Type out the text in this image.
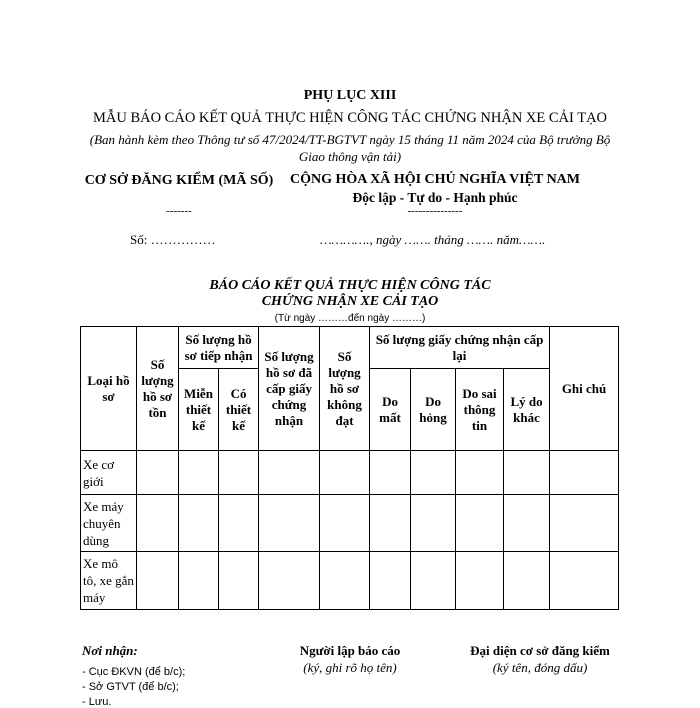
PHỤ LỤC XIII
MẪU BÁO CÁO KẾT QUẢ THỰC HIỆN CÔNG TÁC CHỨNG NHẬN XE CẢI TẠO
(Ban hành kèm theo Thông tư số 47/2024/TT-BGTVT ngày 15 tháng 11 năm 2024 của Bộ trưởng Bộ Giao thông vận tải)
CƠ SỞ ĐĂNG KIỂM (MÃ SỐ)
-------
CỘNG HÒA XÃ HỘI CHỦ NGHĨA VIỆT NAM
Độc lập - Tự do - Hạnh phúc
---------------
Số: ……………	…………., ngày ……. tháng ……. năm…….
BÁO CÁO KẾT QUẢ THỰC HIỆN CÔNG TÁC
CHỨNG NHẬN XE CẢI TẠO
(Từ ngày ………đến ngày ………)
Loại hồ sơ	Số lượng hồ sơ tồn	Số lượng hồ sơ tiếp nhận		Số lượng hồ sơ đã cấp giấy chứng nhận	Số lượng hồ sơ không đạt	Số lượng giấy chứng nhận cấp lại				Ghi chú
		Miễn thiết kế	Có thiết kế			Do mất	Do hỏng	Do sai thông tin	Lý do khác	
Xe cơ giới										
Xe máy chuyên dùng										
Xe mô tô, xe gắn máy										
Nơi nhận:
- Cục ĐKVN (để b/c);
- Sở GTVT (để b/c);
- Lưu.
Người lập báo cáo
(ký, ghi rõ họ tên)
Đại diện cơ sở đăng kiểm
(ký tên, đóng dấu)
